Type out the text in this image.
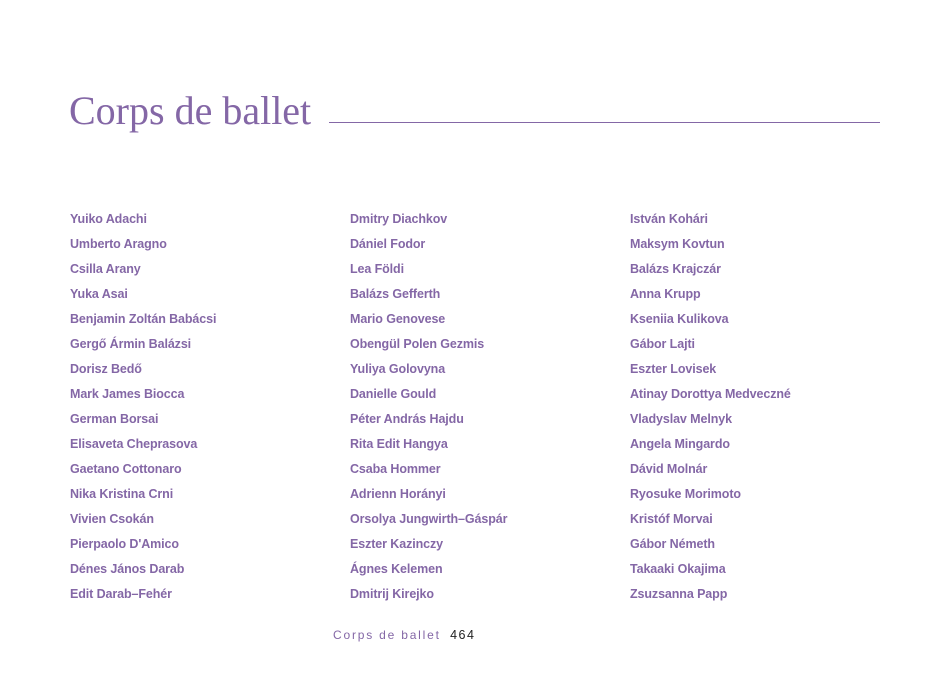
Corps de ballet
Yuiko Adachi
Umberto Aragno
Csilla Arany
Yuka Asai
Benjamin Zoltán Babácsi
Gergő Ármin Balázsi
Dorisz Bedő
Mark James Biocca
German Borsai
Elisaveta Cheprasova
Gaetano Cottonaro
Nika Kristina Crni
Vivien Csokán
Pierpaolo D'Amico
Dénes János Darab
Edit Darab–Fehér
Dmitry Diachkov
Dániel Fodor
Lea Földi
Balázs Gefferth
Mario Genovese
Obengül Polen Gezmis
Yuliya Golovyna
Danielle Gould
Péter András Hajdu
Rita Edit Hangya
Csaba Hommer
Adrienn Horányi
Orsolya Jungwirth–Gáspár
Eszter Kazinczy
Ágnes Kelemen
Dmitrij Kirejko
István Kohári
Maksym Kovtun
Balázs Krajczár
Anna Krupp
Kseniia Kulikova
Gábor Lajti
Eszter Lovisek
Atinay Dorottya Medveczné
Vladyslav Melnyk
Angela Mingardo
Dávid Molnár
Ryosuke Morimoto
Kristóf Morvai
Gábor Németh
Takaaki Okajima
Zsuzsanna Papp
Corps de ballet 464
